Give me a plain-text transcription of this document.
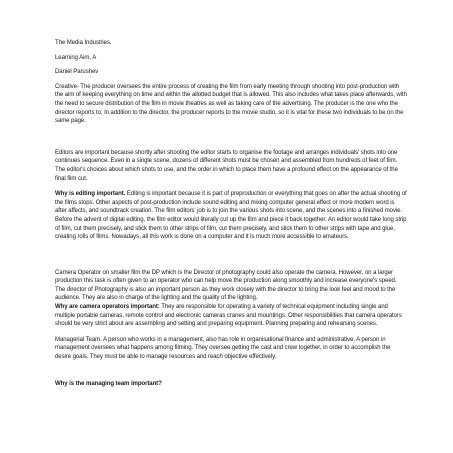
The Media Industries.

Learning Aim, A

Daniel Parushev

Creative- The producer oversees the entire process of creating the film from early meeting through shooting into post-production with the aim of keeping everything on time and within the allotted budget that is allowed. This also includes what takes place afterwards, with the need to secure distribution of the film in movie theatres as well as taking care of the advertising. The producer is the one who the director reports to. In addition to the director, the producer reports to the movie studio, so it is vital for these two individuals to be on the same page.

Editors are important because shortly after shooting the editor starts to organise the footage and arranges individuals' shots into one continues sequence. Even in a single scene, dozens of different shots must be chosen and assembled from hundreds of feet of film. The editor's choices about which shots to use, and the order in which to place them have a profound effect on the appearance of the final film cut.

Why is editing important. Editing is important because it is part of preproduction or everything that goes on after the actual shooting of the films stops. Other aspects of post-production include sound editing and mixing computer general effect or more modern word is after affects, and soundtrack creation. The film editors' job is to join the various shots into scene, and the scenes into a finished movie. Before the advent of digital editing, the film editor would literally cut up the film and piece it back together. An editor would take long strip of film, cut them precisely, and stick them to other strips of film, cut them precisely, and stick them to other strips with tape and glue, creating rolls of films. Nowadays, all this work is done on a computer and it is much more accessible to amateurs.

Camera Operator on smaller film the DP which is the Director of photography could also operate the camera. However, on a larger production this task is often given to an operator who can help move the production along smoothly and increase everyone's speed. The director of Photography is also an important person as they work closely with the director to bring the look feel and mood to the audience. They are also in charge of the lighting and the quality of the lighting.

Why are camera operators important: They are responsible for operating a variety of technical equipment including single and multiple portable cameras, remote control and electronic cameras cranes and mountings. Other responsibilities that camera operators should be very strict about are assembling and setting and preparing equipment. Planning preparing and rehearsing scenes.

Managerial Team. A person who works in a management, also has role in organisational finance and administrative. A person in management oversees what happens among filming. They oversee getting the cast and crew together, in order to accomplish the desire goals. They must be able to manage resources and reach objective effectively.

Why is the managing team important?
